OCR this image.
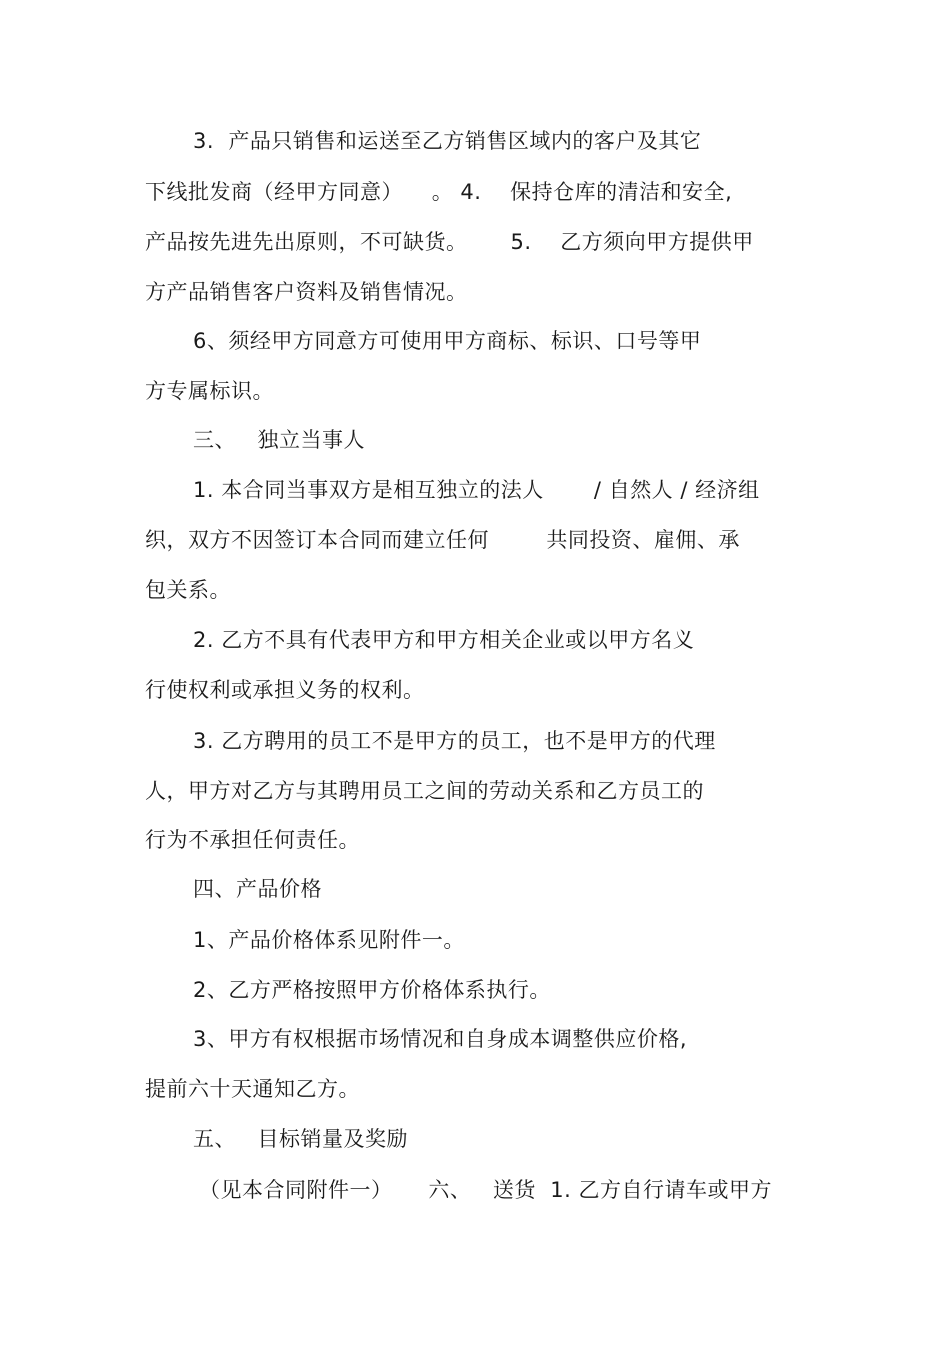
3.  产品只销售和运送至乙方销售区域内的客户及其它
下线批发商（经甲方同意）    。 4.    保持仓库的清洁和安全,
产品按先进先出原则，不可缺货。      5.    乙方须向甲方提供甲
方产品销售客户资料及销售情况。
6、须经甲方同意方可使用甲方商标、标识、口号等甲
方专属标识。
三、   独立当事人
1. 本合同当事双方是相互独立的法人       / 自然人 / 经济组
织，双方不因签订本合同而建立任何        共同投资、雇佣、承
包关系。
2. 乙方不具有代表甲方和甲方相关企业或以甲方名义
行使权利或承担义务的权利。
3. 乙方聘用的员工不是甲方的员工，也不是甲方的代理
人，甲方对乙方与其聘用员工之间的劳动关系和乙方员工的
行为不承担任何责任。
四、产品价格
1、产品价格体系见附件一。
2、乙方严格按照甲方价格体系执行。
3、甲方有权根据市场情况和自身成本调整供应价格,
提前六十天通知乙方。
五、   目标销量及奖励
（见本合同附件一）     六、   送货  1. 乙方自行请车或甲方
